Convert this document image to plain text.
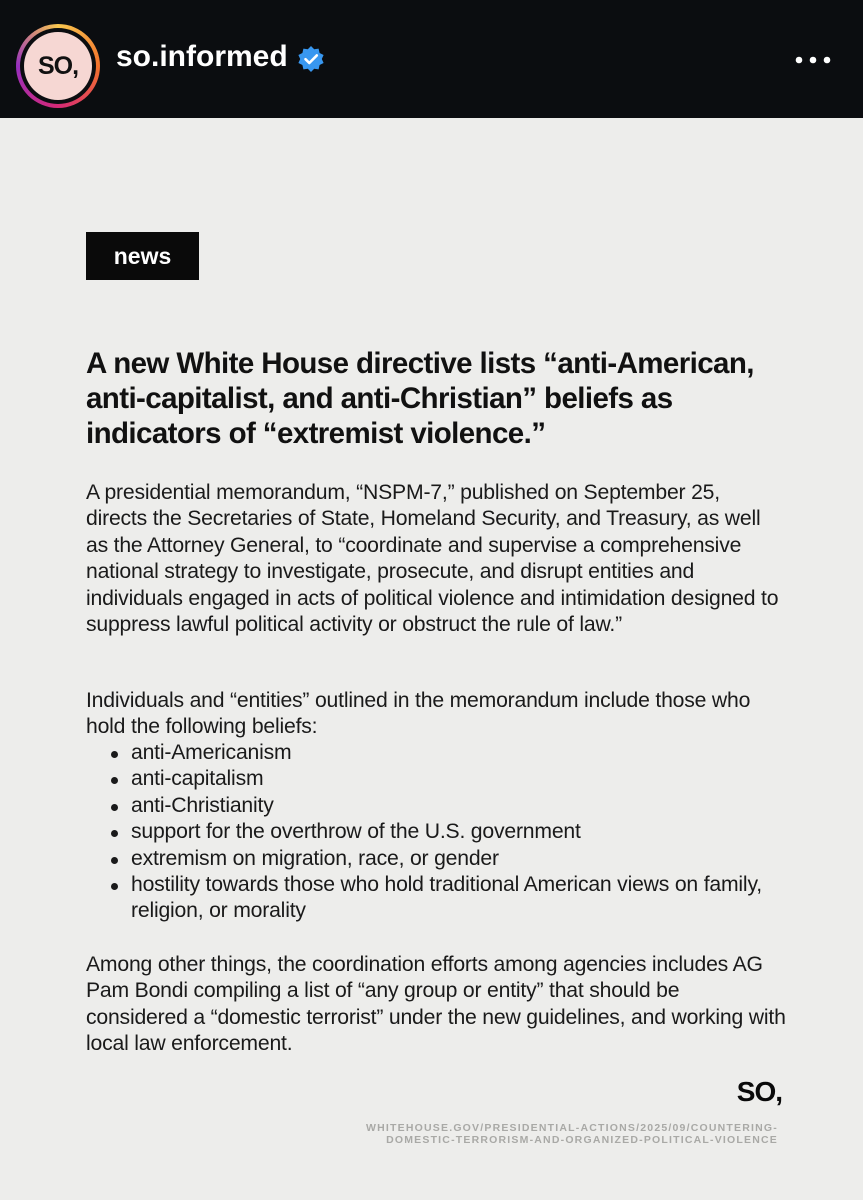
SO,	so.informed
news
A new White House directive lists “anti-American, anti-capitalist, and anti-Christian” beliefs as indicators of “extremist violence.”

A presidential memorandum, “NSPM-7,” published on September 25, directs the Secretaries of State, Homeland Security, and Treasury, as well as the Attorney General, to “coordinate and supervise a comprehensive national strategy to investigate, prosecute, and disrupt entities and individuals engaged in acts of political violence and intimidation designed to suppress lawful political activity or obstruct the rule of law.”

Individuals and “entities” outlined in the memorandum include those who hold the following beliefs:

anti-Americanism
anti-capitalism
anti-Christianity
support for the overthrow of the U.S. government
extremism on migration, race, or gender
hostility towards those who hold traditional American views on family, religion, or morality

Among other things, the coordination efforts among agencies includes AG Pam Bondi compiling a list of “any group or entity” that should be considered a “domestic terrorist” under the new guidelines, and working with local law enforcement.

SO,
WHITEHOUSE.GOV/PRESIDENTIAL-ACTIONS/2025/09/COUNTERING-
DOMESTIC-TERRORISM-AND-ORGANIZED-POLITICAL-VIOLENCE
